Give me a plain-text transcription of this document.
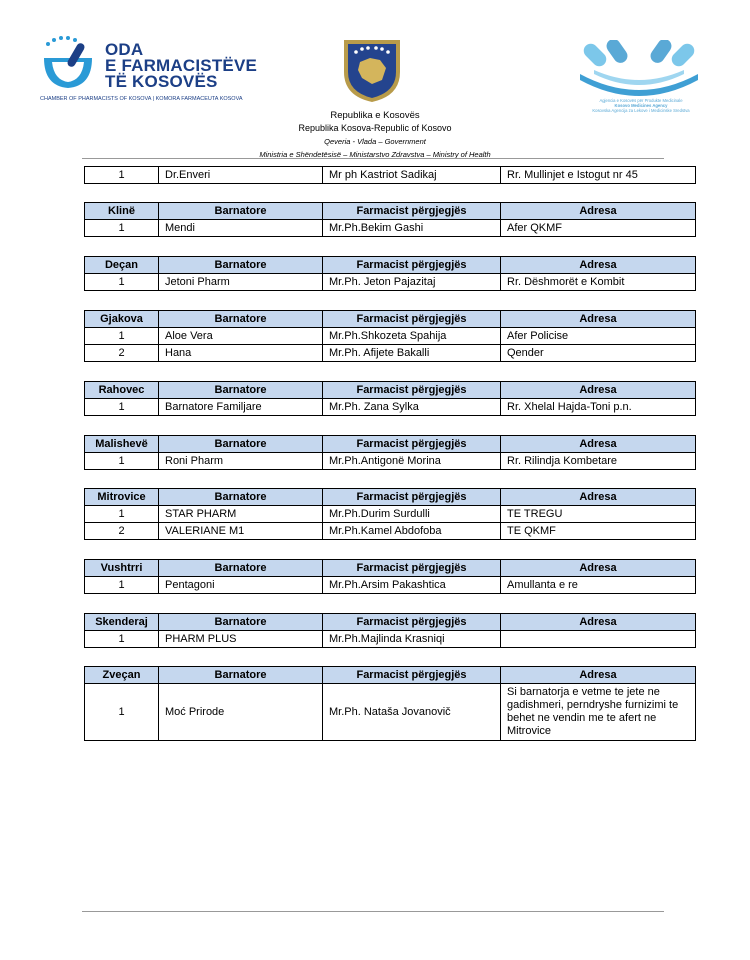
ODA
E FARMACISTËVE
TË KOSOVËS
CHAMBER OF PHARMACISTS OF KOSOVA | KOMORA FARMACEUTA KOSOVA
Republika e Kosovës
Republika Kosova-Republic of Kosovo
Qeveria - Vlada – Government
Ministria e Shëndetësisë – Ministarstvo Zdravstva – Ministry of Health
Agjencia e Kosovës për Produkte Medicinale
Kosovo Medicines Agency
Kosovska Agencija za Lekove i Medicinske Sredstva
1	Dr.Enveri	Mr ph Kastriot Sadikaj	Rr. Mullinjet e Istogut nr 45
Klinë	Barnatore	Farmacist përgjegjës	Adresa
1	Mendi	Mr.Ph.Bekim Gashi	Afer QKMF
Deçan	Barnatore	Farmacist përgjegjës	Adresa
1	Jetoni Pharm	Mr.Ph. Jeton Pajazitaj	Rr. Dëshmorët e Kombit
Gjakova	Barnatore	Farmacist përgjegjës	Adresa
1	Aloe Vera	Mr.Ph.Shkozeta Spahija	Afer Policise
2	Hana	Mr.Ph. Afijete Bakalli	Qender
Rahovec	Barnatore	Farmacist përgjegjës	Adresa
1	Barnatore Familjare	Mr.Ph. Zana Sylka	Rr. Xhelal Hajda-Toni p.n.
Malishevë	Barnatore	Farmacist përgjegjës	Adresa
1	Roni Pharm	Mr.Ph.Antigonë Morina	Rr. Rilindja Kombetare
Mitrovice	Barnatore	Farmacist përgjegjës	Adresa
1	STAR PHARM	Mr.Ph.Durim Surdulli	TE TREGU
2	VALERIANE M1	Mr.Ph.Kamel Abdofoba	TE QKMF
Vushtrri	Barnatore	Farmacist përgjegjës	Adresa
1	Pentagoni	Mr.Ph.Arsim Pakashtica	Amullanta e re
Skenderaj	Barnatore	Farmacist përgjegjës	Adresa
1	PHARM PLUS	Mr.Ph.Majlinda Krasniqi	
Zveçan	Barnatore	Farmacist përgjegjës	Adresa
1	Moć Prirode	Mr.Ph. Nataša Jovanovič	Si barnatorja e vetme te jete ne gadishmeri, perndryshe furnizimi te behet ne vendin me te afert ne Mitrovice
